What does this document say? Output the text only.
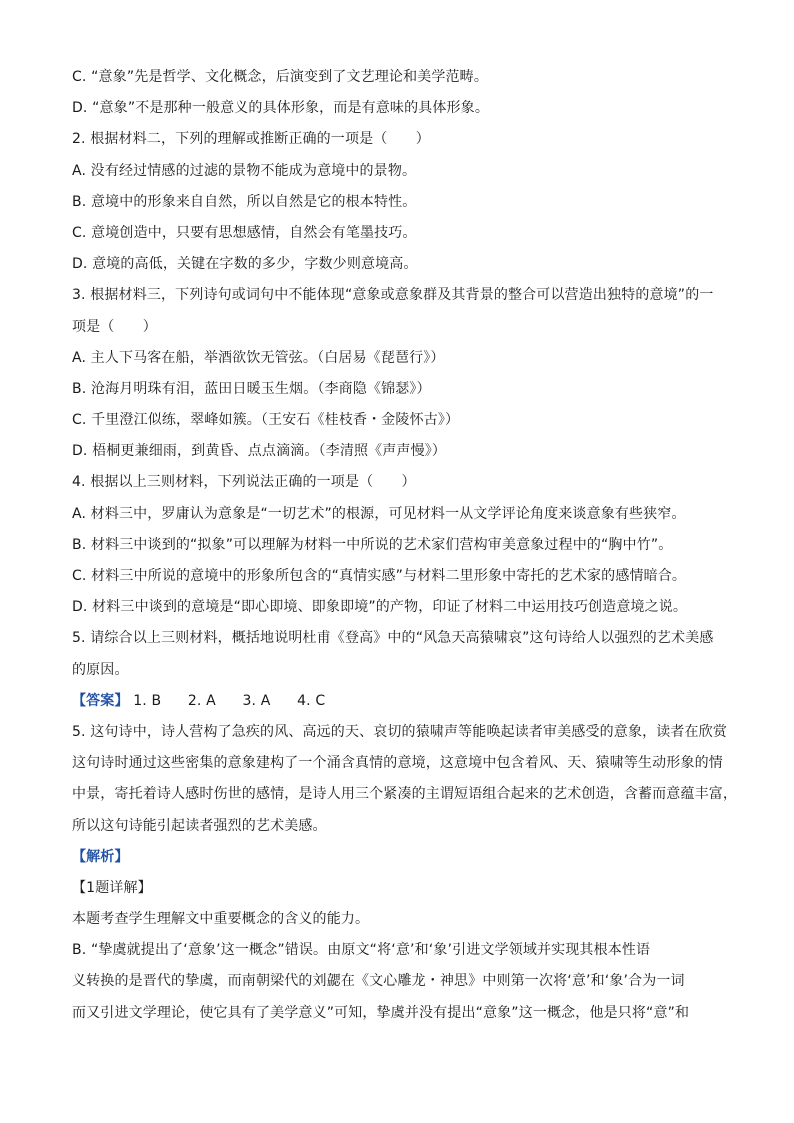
C. “意象”先是哲学、文化概念，后演变到了文艺理论和美学范畴。
D. “意象”不是那种一般意义的具体形象，而是有意味的具体形象。
2. 根据材料二，下列的理解或推断正确的一项是（　　）
A. 没有经过情感的过滤的景物不能成为意境中的景物。
B. 意境中的形象来自自然，所以自然是它的根本特性。
C. 意境创造中，只要有思想感情，自然会有笔墨技巧。
D. 意境的高低，关键在字数的多少，字数少则意境高。
3. 根据材料三，下列诗句或词句中不能体现“意象或意象群及其背景的整合可以营造出独特的意境”的一
项是（　　）
A. 主人下马客在船，举酒欲饮无管弦。（白居易《琵琶行》）
B. 沧海月明珠有泪，蓝田日暖玉生烟。（李商隐《锦瑟》）
C. 千里澄江似练，翠峰如簇。（王安石《桂枝香・金陵怀古》）
D. 梧桐更兼细雨，到黄昏、点点滴滴。（李清照《声声慢》）
4. 根据以上三则材料，下列说法正确的一项是（　　）
A. 材料三中，罗庸认为意象是“一切艺术”的根源，可见材料一从文学评论角度来谈意象有些狭窄。
B. 材料三中谈到的“拟象”可以理解为材料一中所说的艺术家们营构审美意象过程中的“胸中竹”。
C. 材料三中所说的意境中的形象所包含的“真情实感”与材料二里形象中寄托的艺术家的感情暗合。
D. 材料三中谈到的意境是“即心即境、即象即境”的产物，印证了材料二中运用技巧创造意境之说。
5. 请综合以上三则材料，概括地说明杜甫《登高》中的“风急天高猿啸哀”这句诗给人以强烈的艺术美感
的原因。
【答案】 1. B 2. A 3. A 4. C
5. 这句诗中，诗人营构了急疾的风、高远的天、哀切的猿啸声等能唤起读者审美感受的意象，读者在欣赏
这句诗时通过这些密集的意象建构了一个涌含真情的意境，这意境中包含着风、天、猿啸等生动形象的情
中景，寄托着诗人感时伤世的感情，是诗人用三个紧凑的主谓短语组合起来的艺术创造，含蓄而意蕴丰富，
所以这句诗能引起读者强烈的艺术美感。
【解析】
【1题详解】
本题考查学生理解文中重要概念的含义的能力。
B. “挚虞就提出了‘意象’这一概念”错误。由原文“将‘意’和‘象’引进文学领域并实现其根本性语
义转换的是晋代的挚虞，而南朝梁代的刘勰在《文心雕龙・神思》中则第一次将‘意’和‘象’合为一词
而又引进文学理论，使它具有了美学意义”可知，挚虞并没有提出“意象”这一概念，他是只将“意”和
